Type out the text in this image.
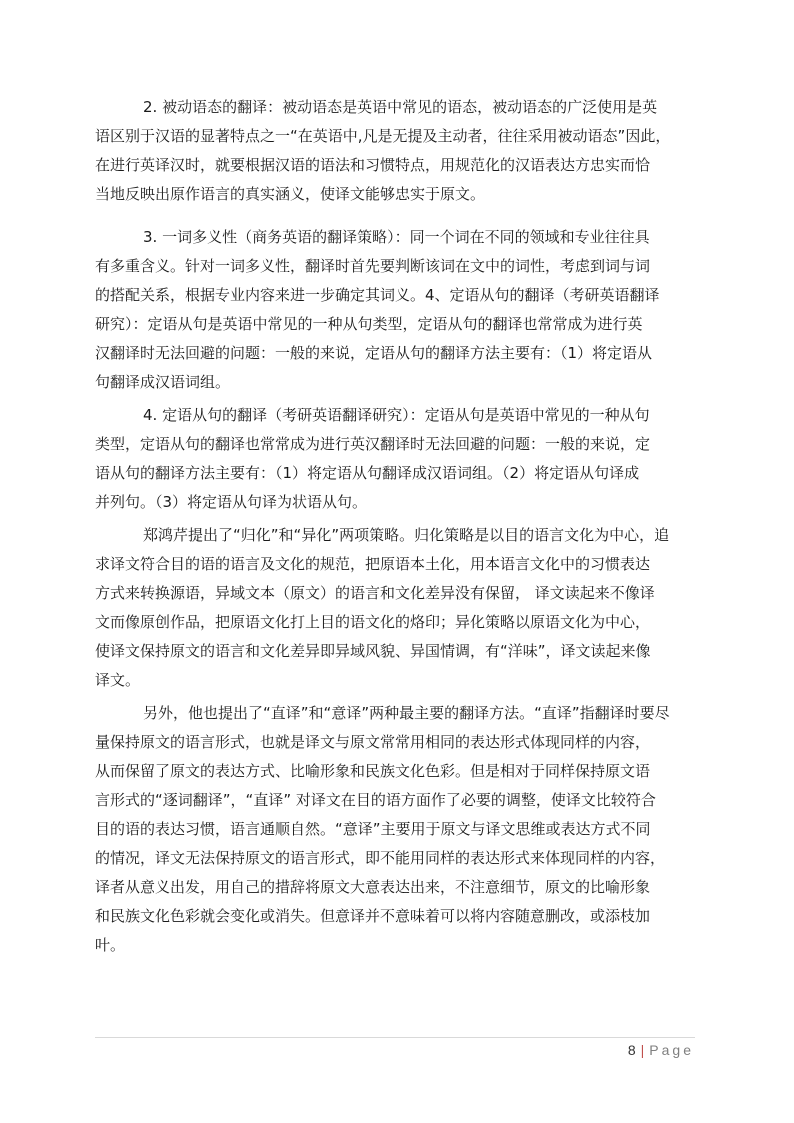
2. 被动语态的翻译：被动语态是英语中常见的语态，被动语态的广泛使用是英
语区别于汉语的显著特点之一“在英语中,凡是无提及主动者，往往采用被动语态”因此，
在进行英译汉时，就要根据汉语的语法和习惯特点，用规范化的汉语表达方忠实而恰
当地反映出原作语言的真实涵义，使译文能够忠实于原文。

3. 一词多义性（商务英语的翻译策略）：同一个词在不同的领域和专业往往具
有多重含义。针对一词多义性，翻译时首先要判断该词在文中的词性，考虑到词与词
的搭配关系，根据专业内容来进一步确定其词义。4、定语从句的翻译（考研英语翻译
研究）：定语从句是英语中常见的一种从句类型，定语从句的翻译也常常成为进行英
汉翻译时无法回避的问题：一般的来说，定语从句的翻译方法主要有：（1）将定语从
句翻译成汉语词组。

4. 定语从句的翻译（考研英语翻译研究）：定语从句是英语中常见的一种从句
类型，定语从句的翻译也常常成为进行英汉翻译时无法回避的问题：一般的来说，定
语从句的翻译方法主要有：（1）将定语从句翻译成汉语词组。（2）将定语从句译成
并列句。（3）将定语从句译为状语从句。

郑鸿芹提出了“归化”和“异化”两项策略。归化策略是以目的语言文化为中心，追
求译文符合目的语的语言及文化的规范，把原语本土化，用本语言文化中的习惯表达
方式来转换源语，异域文本（原文）的语言和文化差异没有保留， 译文读起来不像译
文而像原创作品，把原语文化打上目的语文化的烙印；异化策略以原语文化为中心，
使译文保持原文的语言和文化差异即异域风貌、异国情调，有“洋味”，译文读起来像
译文。

另外，他也提出了“直译”和“意译”两种最主要的翻译方法。“直译”指翻译时要尽
量保持原文的语言形式，也就是译文与原文常常用相同的表达形式体现同样的内容，
从而保留了原文的表达方式、比喻形象和民族文化色彩。但是相对于同样保持原文语
言形式的“逐词翻译”，“直译” 对译文在目的语方面作了必要的调整，使译文比较符合
目的语的表达习惯，语言通顺自然。“意译”主要用于原文与译文思维或表达方式不同
的情况，译文无法保持原文的语言形式，即不能用同样的表达形式来体现同样的内容，
译者从意义出发，用自己的措辞将原文大意表达出来，不注意细节，原文的比喻形象
和民族文化色彩就会变化或消失。但意译并不意味着可以将内容随意删改，或添枝加
叶。

8 | Page
